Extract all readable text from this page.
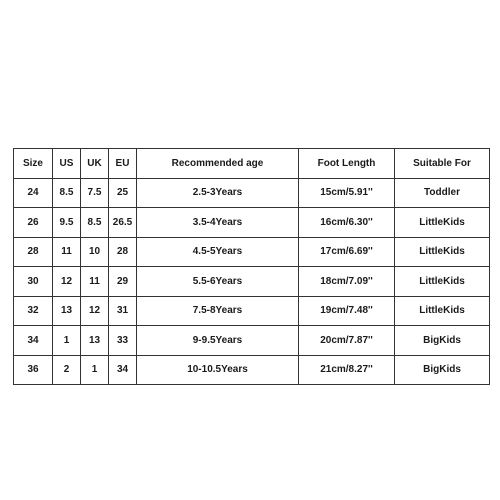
Size	US	UK	EU	Recommended age	Foot Length	Suitable For
24	8.5	7.5	25	2.5-3Years	15cm/5.91''	Toddler
26	9.5	8.5	26.5	3.5-4Years	16cm/6.30''	LittleKids
28	11	10	28	4.5-5Years	17cm/6.69''	LittleKids
30	12	11	29	5.5-6Years	18cm/7.09''	LittleKids
32	13	12	31	7.5-8Years	19cm/7.48''	LittleKids
34	1	13	33	9-9.5Years	20cm/7.87''	BigKids
36	2	1	34	10-10.5Years	21cm/8.27''	BigKids
